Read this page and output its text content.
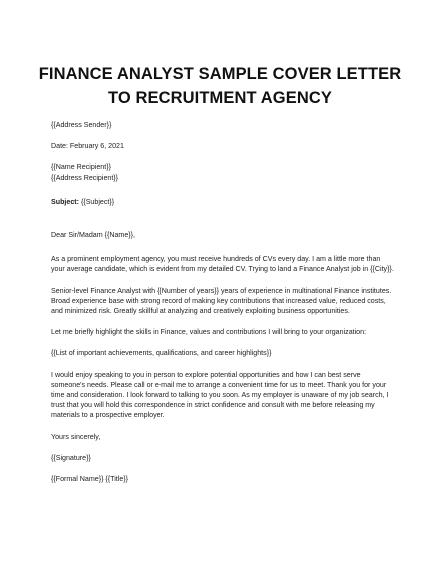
FINANCE ANALYST SAMPLE COVER LETTER
TO RECRUITMENT AGENCY

{{Address Sender}}

Date: February 6, 2021

{{Name Recipient}}

{{Address Recipient}}

Subject: {{Subject}}

Dear Sir/Madam {{Name}},

As a prominent employment agency, you must receive hundreds of CVs every day. I am a little more than your average candidate, which is evident from my detailed CV. Trying to land a Finance Analyst job in {{City}}.

Senior-level Finance Analyst with {{Number of years}} years of experience in multinational Finance institutes. Broad experience base with strong record of making key contributions that increased value, reduced costs, and minimized risk. Greatly skillful at analyzing and creatively exploiting business opportunities.

Let me briefly highlight the skills in Finance, values and contributions I will bring to your organization:

{{List of important achievements, qualifications, and career highlights}}

I would enjoy speaking to you in person to explore potential opportunities and how I can best serve someone's needs. Please call or e-mail me to arrange a convenient time for us to meet. Thank you for your time and consideration. I look forward to talking to you soon. As my employer is unaware of my job search, I trust that you will hold this correspondence in strict confidence and consult with me before releasing my materials to a prospective employer.

Yours sincerely,

{{Signature}}

{{Formal Name}} {{Title}}
